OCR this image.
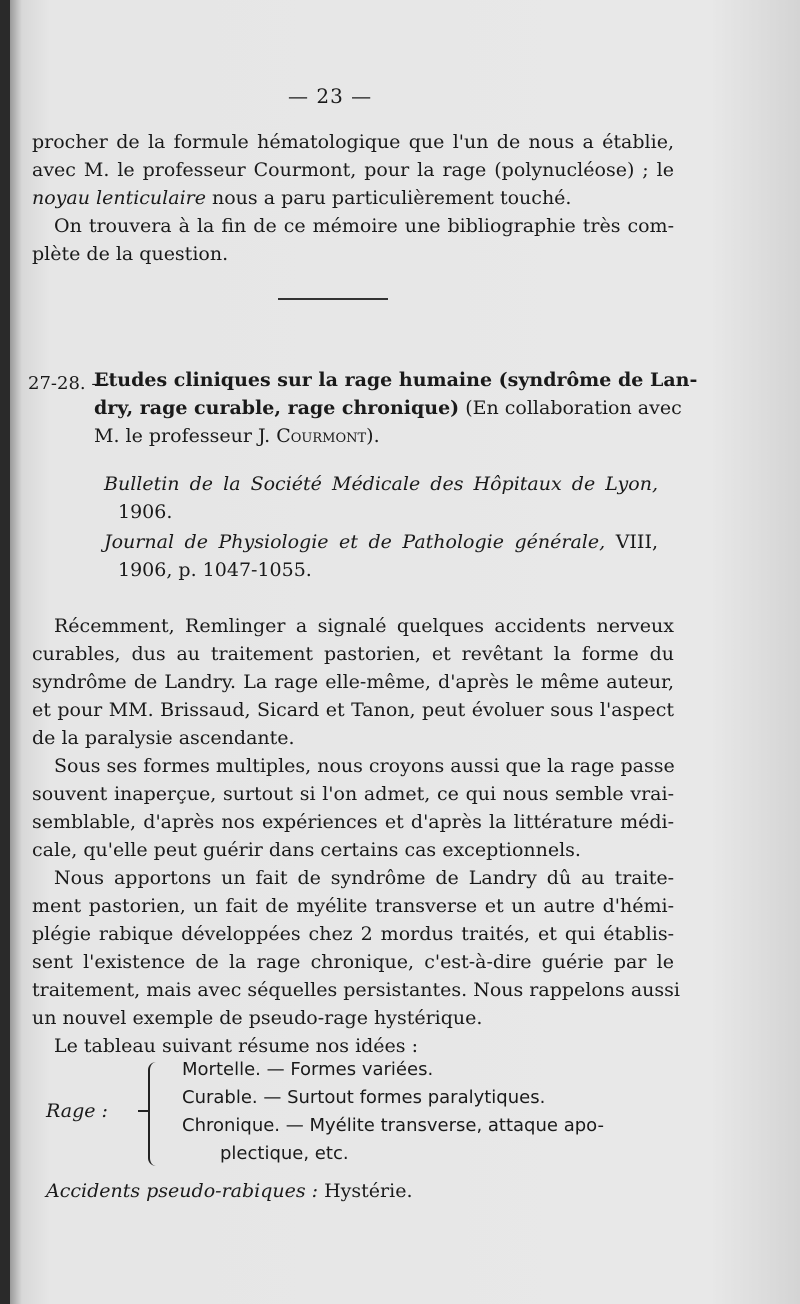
— 23 —
procher de la formule hématologique que l'un de nous a établie,
avec M. le professeur Courmont, pour la rage (polynucléose) ; le
noyau lenticulaire nous a paru particulièrement touché.
On trouvera à la fin de ce mémoire une bibliographie très com-
plète de la question.
27-28. —
Etudes cliniques sur la rage humaine (syndrôme de Lan-
dry, rage curable, rage chronique) (En collaboration avec
M. le professeur J. Courmont).
Bulletin de la Société Médicale des Hôpitaux de Lyon,
1906.
Journal de Physiologie et de Pathologie générale, VIII,
1906, p. 1047-1055.
Récemment, Remlinger a signalé quelques accidents nerveux
curables, dus au traitement pastorien, et revêtant la forme du
syndrôme de Landry. La rage elle-même, d'après le même auteur,
et pour MM. Brissaud, Sicard et Tanon, peut évoluer sous l'aspect
de la paralysie ascendante.
Sous ses formes multiples, nous croyons aussi que la rage passe
souvent inaperçue, surtout si l'on admet, ce qui nous semble vrai-
semblable, d'après nos expériences et d'après la littérature médi-
cale, qu'elle peut guérir dans certains cas exceptionnels.
Nous apportons un fait de syndrôme de Landry dû au traite-
ment pastorien, un fait de myélite transverse et un autre d'hémi-
plégie rabique développées chez 2 mordus traités, et qui établis-
sent l'existence de la rage chronique, c'est-à-dire guérie par le
traitement, mais avec séquelles persistantes. Nous rappelons aussi
un nouvel exemple de pseudo-rage hystérique.
Le tableau suivant résume nos idées :
Rage :
Mortelle. — Formes variées.
Curable. — Surtout formes paralytiques.
Chronique. — Myélite transverse, attaque apo-
plectique, etc.
Accidents pseudo-rabiques : Hystérie.
